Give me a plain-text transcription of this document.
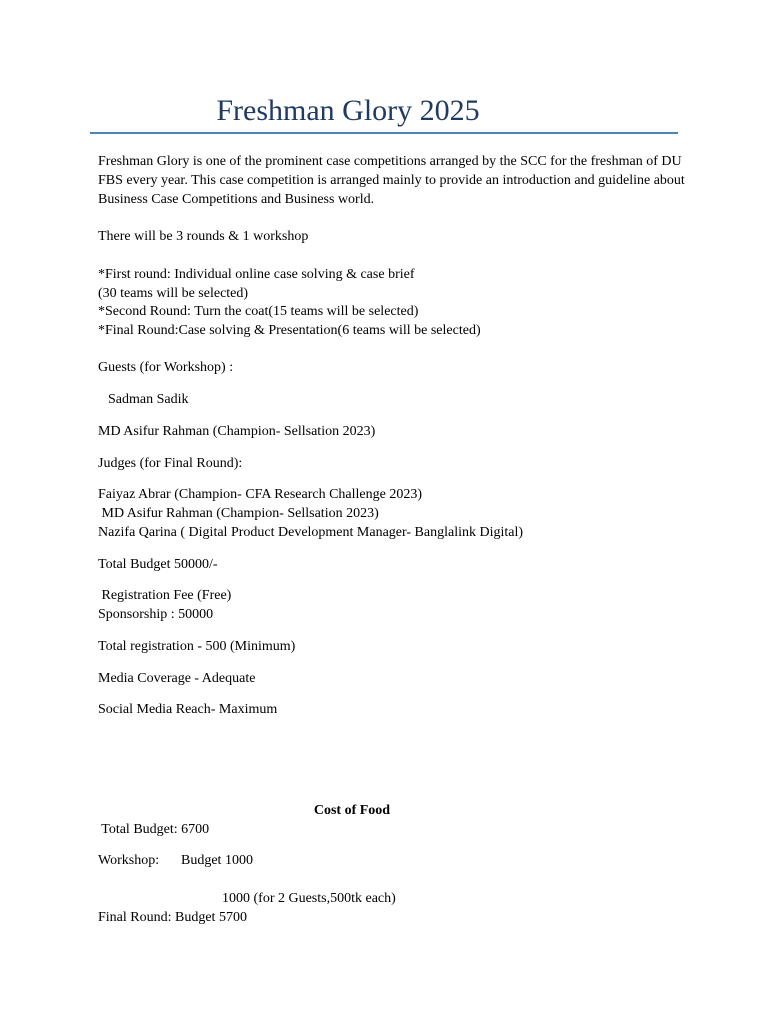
Freshman Glory 2025

Freshman Glory is one of the prominent case competitions arranged by the SCC for the freshman of DU

FBS every year. This case competition is arranged mainly to provide an introduction and guideline about

Business Case Competitions and Business world.

There will be 3 rounds & 1 workshop

*First round: Individual online case solving & case brief

(30 teams will be selected)

*Second Round: Turn the coat(15 teams will be selected)

*Final Round:Case solving & Presentation(6 teams will be selected)

Guests (for Workshop) :

Sadman Sadik

MD Asifur Rahman (Champion- Sellsation 2023)

Judges (for Final Round):

Faiyaz Abrar (Champion- CFA Research Challenge 2023)

MD Asifur Rahman (Champion- Sellsation 2023)

Nazifa Qarina ( Digital Product Development Manager- Banglalink Digital)

Total Budget 50000/-

Registration Fee (Free)

Sponsorship : 50000

Total registration - 500 (Minimum)

Media Coverage - Adequate

Social Media Reach- Maximum

Cost of Food

Total Budget: 6700

Workshop: Budget 1000

1000 (for 2 Guests,500tk each)

Final Round: Budget 5700
